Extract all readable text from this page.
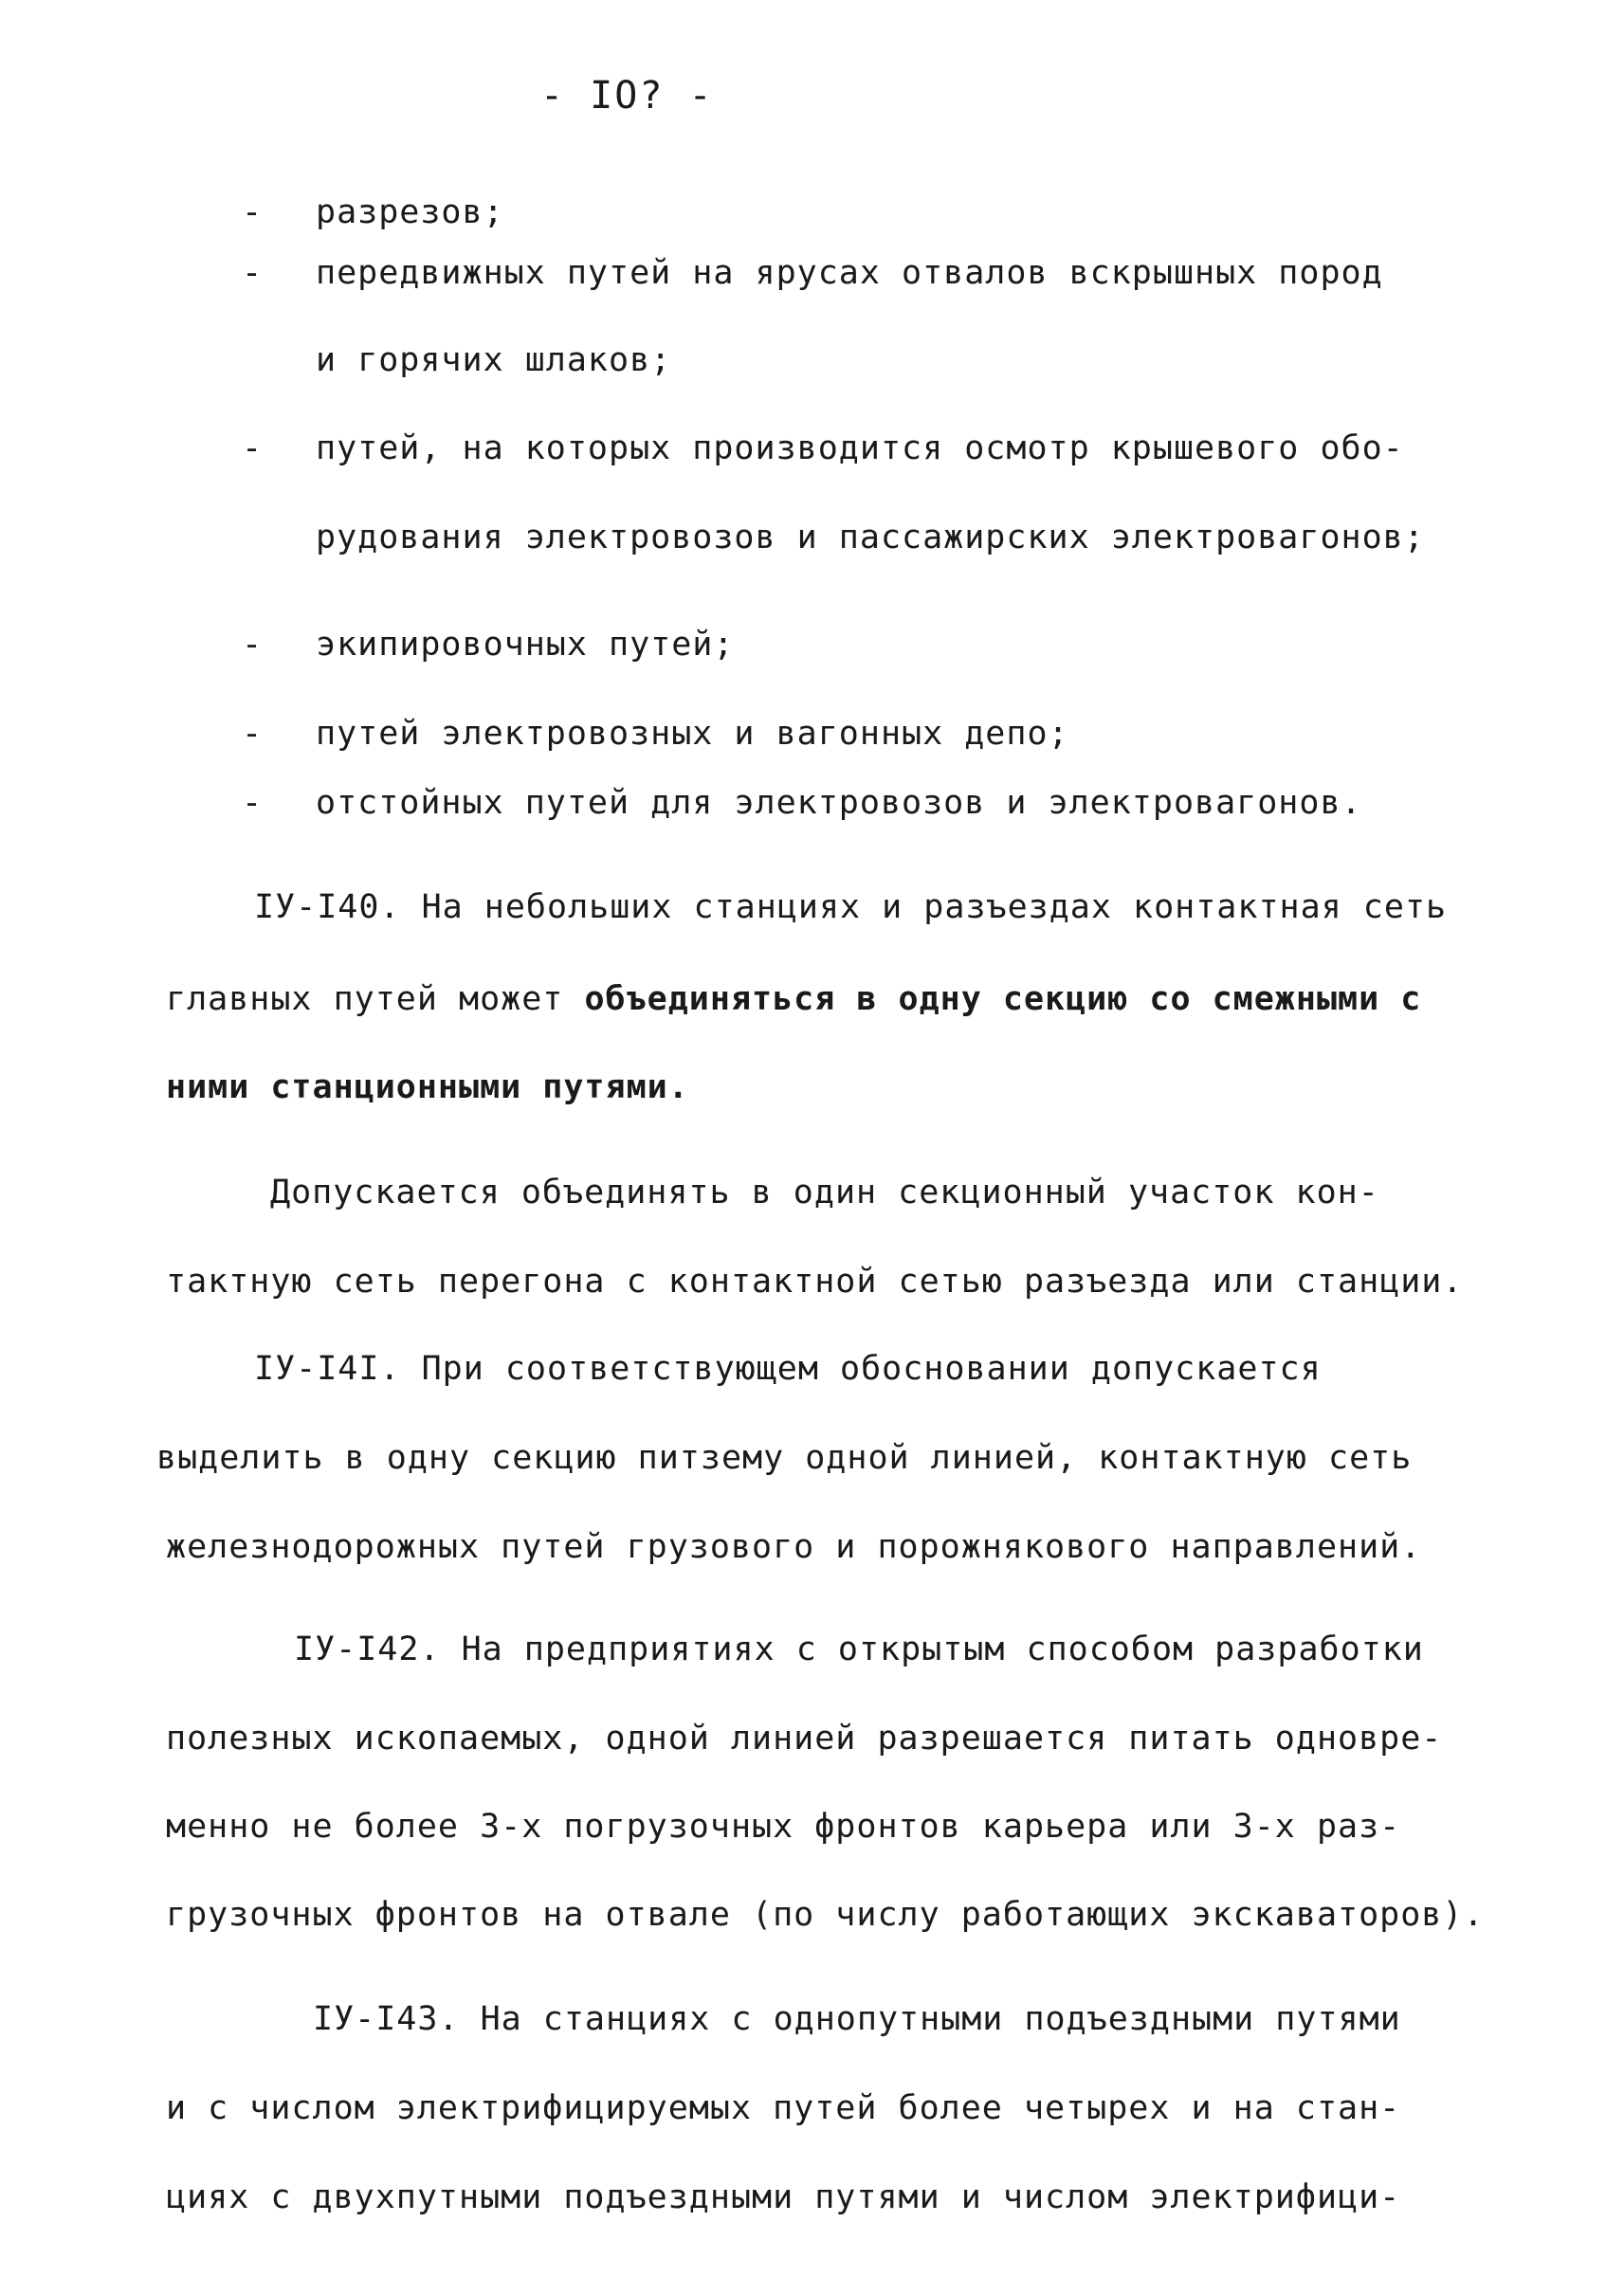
- IO? -
- разрезов;
- передвижных путей на ярусах отвалов вскрышных пород
и горячих шлаков;
- путей, на которых производится осмотр крышевого обо-
рудования электровозов и пассажирских электровагонов;
- экипировочных путей;
- путей электровозных и вагонных депо;
- отстойных путей для электровозов и электровагонов.
IУ-I40. На небольших станциях и разъездах контактная сеть
главных путей может объединяться в одну секцию со смежными с
ними станционными путями.
Допускается объединять в один секционный участок кон-
тактную сеть перегона с контактной сетью разъезда или станции.
IУ-I4I. При соответствующем обосновании допускается
выделить в одну секцию питзему одной линией, контактную сеть
железнодорожных путей грузового и порожнякового направлений.
IУ-I42. На предприятиях с открытым способом разработки
полезных ископаемых, одной линией разрешается питать одновре-
менно не более 3-х погрузочных фронтов карьера или 3-х раз-
грузочных фронтов на отвале (по числу работающих экскаваторов).
IУ-I43. На станциях с однопутными подъездными путями
и с числом электрифицируемых путей более четырех и на стан-
циях с двухпутными подъездными путями и числом электрифици-
